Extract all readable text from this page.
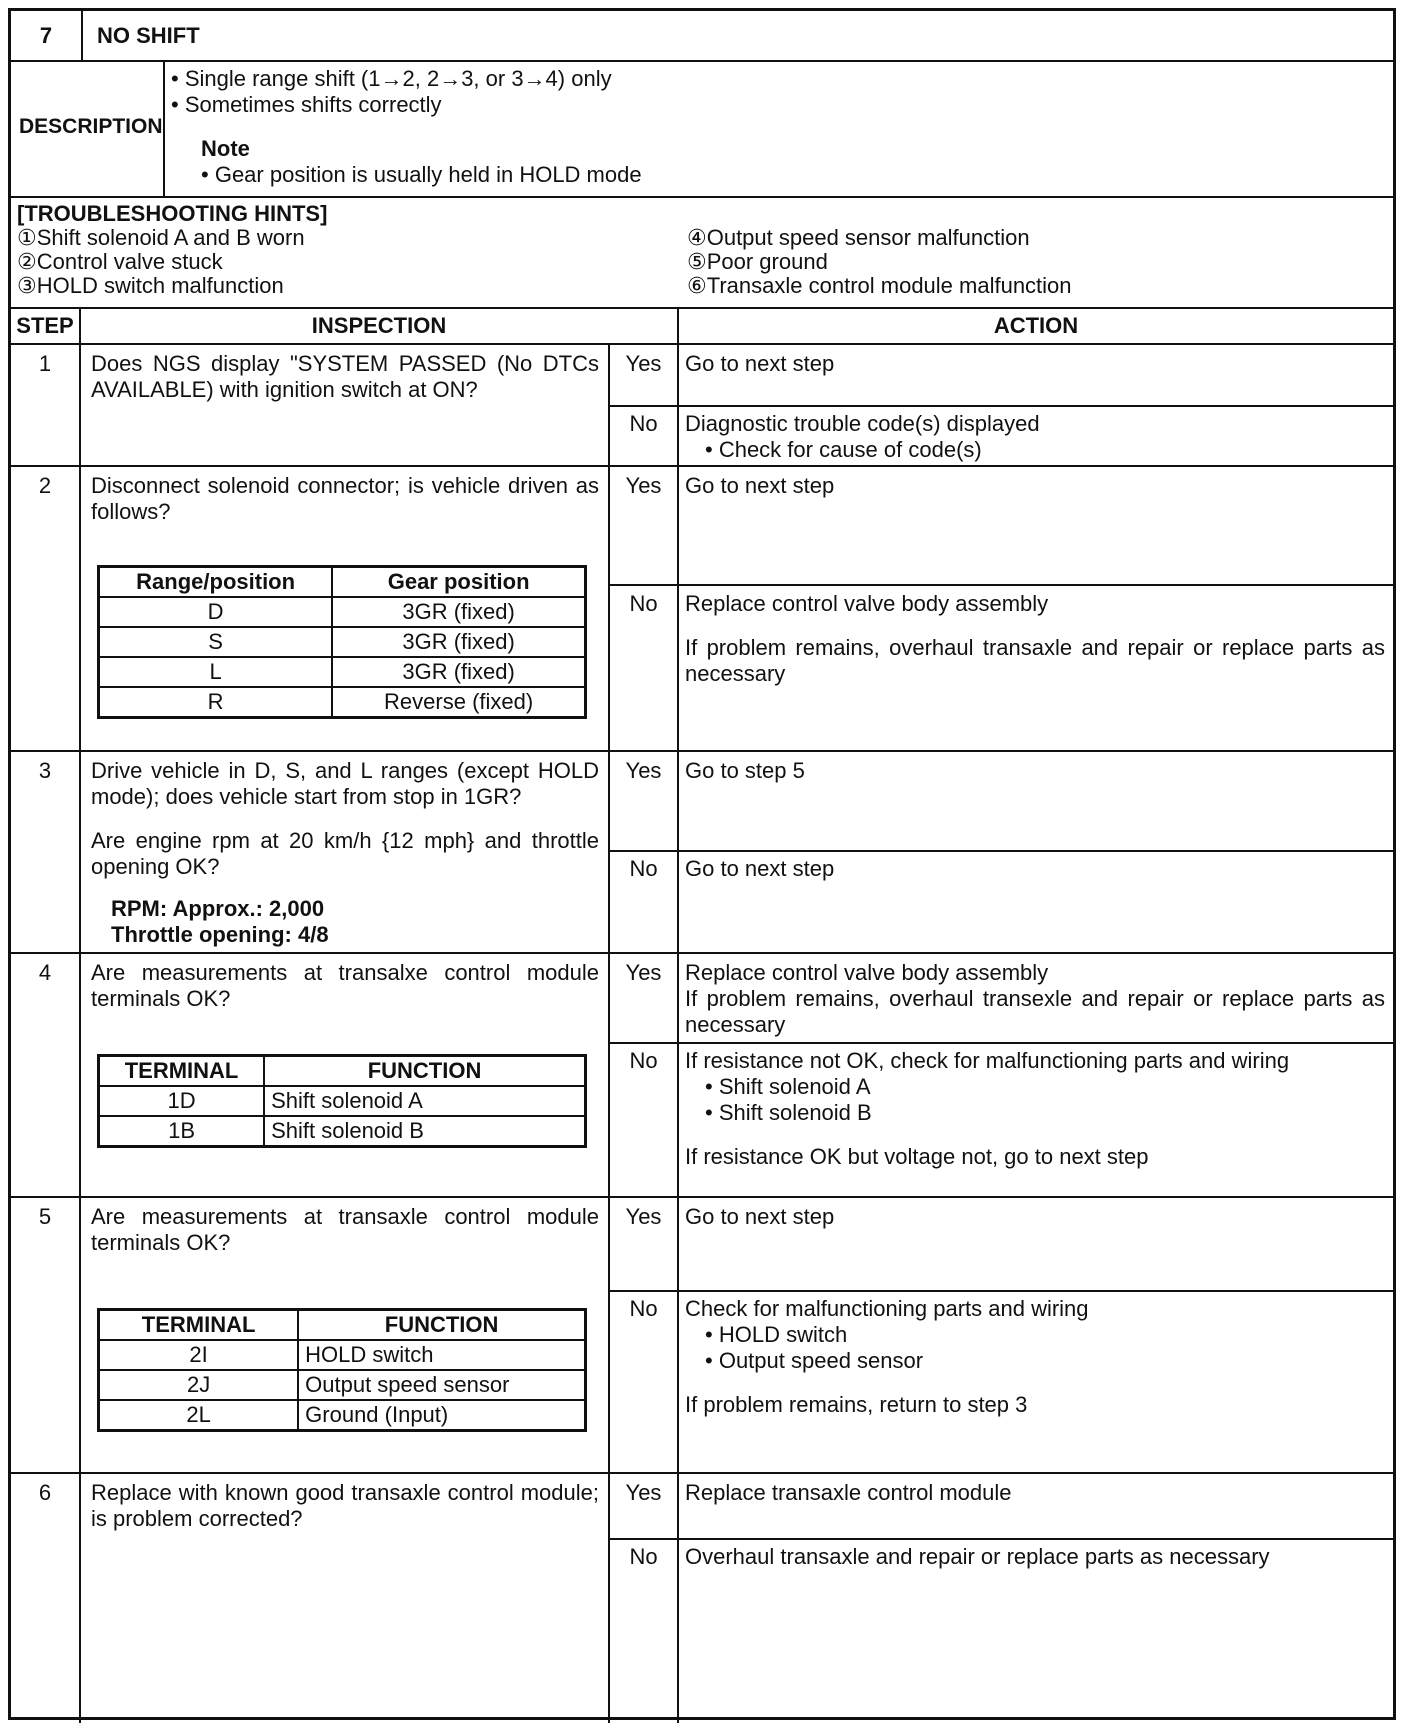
7	NO SHIFT
DESCRIPTION
• Single range shift (1→2, 2→3, or 3→4) only
• Sometimes shifts correctly
Note
• Gear position is usually held in HOLD mode
[TROUBLESHOOTING HINTS]
①Shift solenoid A and B worn
②Control valve stuck
③HOLD switch malfunction
④Output speed sensor malfunction
⑤Poor ground
⑥Transaxle control module malfunction
STEP	INSPECTION	ACTION
1	Does NGS display "SYSTEM PASSED (No DTCs AVAILABLE) with ignition switch at ON?
Yes	Go to next step
No	Diagnostic trouble code(s) displayed
• Check for cause of code(s)
2	Disconnect solenoid connector; is vehicle driven as follows?
Range/position	Gear position
D	3GR (fixed)
S	3GR (fixed)
L	3GR (fixed)
R	Reverse (fixed)
Yes	Go to next step
No	Replace control valve body assembly
If problem remains, overhaul transaxle and repair or replace parts as necessary
3	Drive vehicle in D, S, and L ranges (except HOLD mode); does vehicle start from stop in 1GR?
Are engine rpm at 20 km/h {12 mph} and throttle opening OK?
RPM: Approx.: 2,000
Throttle opening: 4/8
Yes	Go to step 5
No	Go to next step
4	Are measurements at transalxe control module terminals OK?
TERMINAL	FUNCTION
1D	Shift solenoid A
1B	Shift solenoid B
Yes	Replace control valve body assembly
If problem remains, overhaul transexle and repair or replace parts as necessary
No	If resistance not OK, check for malfunctioning parts and wiring
• Shift solenoid A
• Shift solenoid B
If resistance OK but voltage not, go to next step
5	Are measurements at transaxle control module terminals OK?
TERMINAL	FUNCTION
2I	HOLD switch
2J	Output speed sensor
2L	Ground (Input)
Yes	Go to next step
No	Check for malfunctioning parts and wiring
• HOLD switch
• Output speed sensor
If problem remains, return to step 3
6	Replace with known good transaxle control module; is problem corrected?
Yes	Replace transaxle control module
No	Overhaul transaxle and repair or replace parts as necessary
